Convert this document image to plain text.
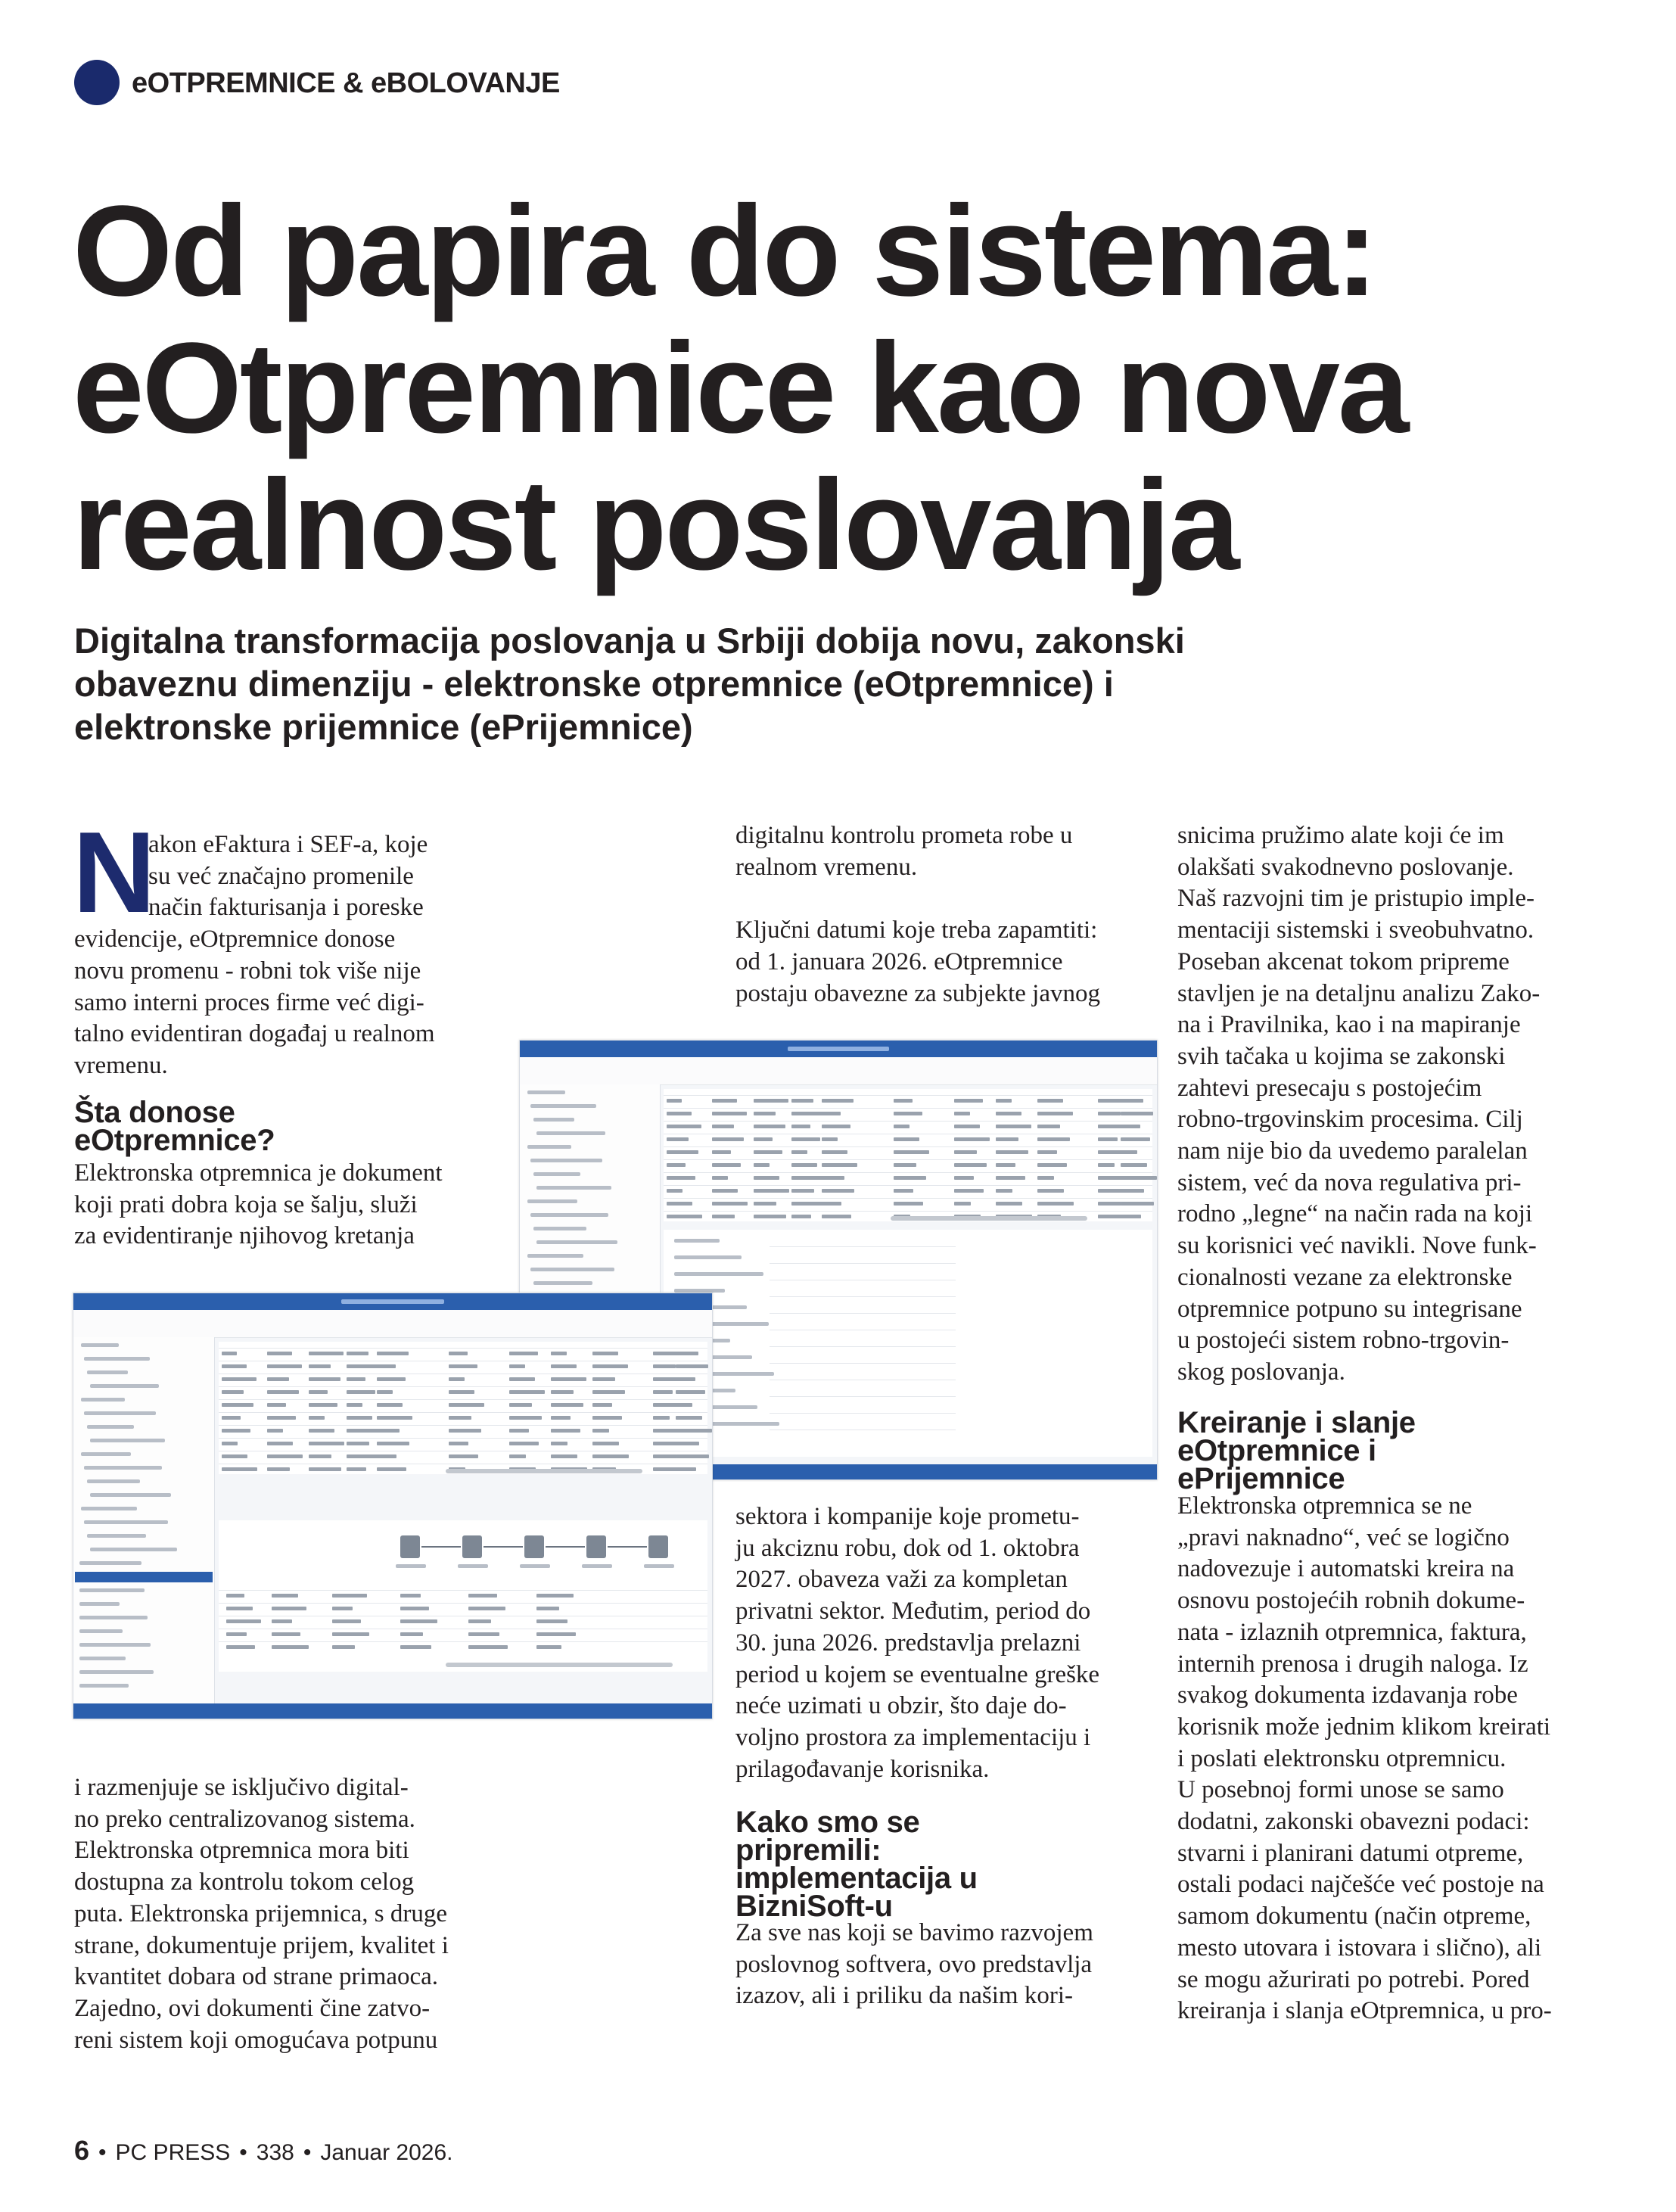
eOTPREMNICE & eBOLOVANJE
Od papira do sistema:
eOtpremnice kao nova
realnost poslovanja
Digitalna transformacija poslovanja u Srbiji dobija novu, zakonski
obaveznu dimenziju - elektronske otpremnice (eOtpremnice) i
elektronske prijemnice (ePrijemnice)
N
akon eFaktura i SEF-a, koje
su već značajno promenile
način fakturisanja i poreske
evidencije, eOtpremnice donose
novu promenu - robni tok više nije
samo interni proces firme već digi-
talno evidentiran događaj u realnom
vremenu.
Šta donose
eOtpremnice?
Elektronska otpremnica je dokument
koji prati dobra koja se šalju, služi
za evidentiranje njihovog kretanja
i razmenjuje se isključivo digital-
no preko centralizovanog sistema.
Elektronska otpremnica mora biti
dostupna za kontrolu tokom celog
puta. Elektronska prijemnica, s druge
strane, dokumentuje prijem, kvalitet i
kvantitet dobara od strane primaoca.
Zajedno, ovi dokumenti čine zatvo-
reni sistem koji omogućava potpunu
digitalnu kontrolu prometa robe u
realnom vremenu.
Ključni datumi koje treba zapamtiti:
od 1. januara 2026. eOtpremnice
postaju obavezne za subjekte javnog
sektora i kompanije koje prometu-
ju akciznu robu, dok od 1. oktobra
2027. obaveza važi za kompletan
privatni sektor. Međutim, period do
30. juna 2026. predstavlja prelazni
period u kojem se eventualne greške
neće uzimati u obzir, što daje do-
voljno prostora za implementaciju i
prilagođavanje korisnika.
Kako smo se
pripremili:
implementacija u
BizniSoft-u
Za sve nas koji se bavimo razvojem
poslovnog softvera, ovo predstavlja
izazov, ali i priliku da našim kori-
snicima pružimo alate koji će im
olakšati svakodnevno poslovanje.
Naš razvojni tim je pristupio imple-
mentaciji sistemski i sveobuhvatno.
Poseban akcenat tokom pripreme
stavljen je na detaljnu analizu Zako-
na i Pravilnika, kao i na mapiranje
svih tačaka u kojima se zakonski
zahtevi presecaju s postojećim
robno-trgovinskim procesima. Cilj
nam nije bio da uvedemo paralelan
sistem, već da nova regulativa pri-
rodno „legne“ na način rada na koji
su korisnici već navikli. Nove funk-
cionalnosti vezane za elektronske
otpremnice potpuno su integrisane
u postojeći sistem robno-trgovin-
skog poslovanja.
Kreiranje i slanje
eOtpremnice i
ePrijemnice
Elektronska otpremnica se ne
„pravi naknadno“, već se logično
nadovezuje i automatski kreira na
osnovu postojećih robnih dokume-
nata - izlaznih otpremnica, faktura,
internih prenosa i drugih naloga. Iz
svakog dokumenta izdavanja robe
korisnik može jednim klikom kreirati
i poslati elektronsku otpremnicu.
U posebnoj formi unose se samo
dodatni, zakonski obavezni podaci:
stvarni i planirani datumi otpreme,
ostali podaci najčešće već postoje na
samom dokumentu (način otpreme,
mesto utovara i istovara i slično), ali
se mogu ažurirati po potrebi. Pored
kreiranja i slanja eOtpremnica, u pro-
6 • PC PRESS • 338 • Januar 2026.
